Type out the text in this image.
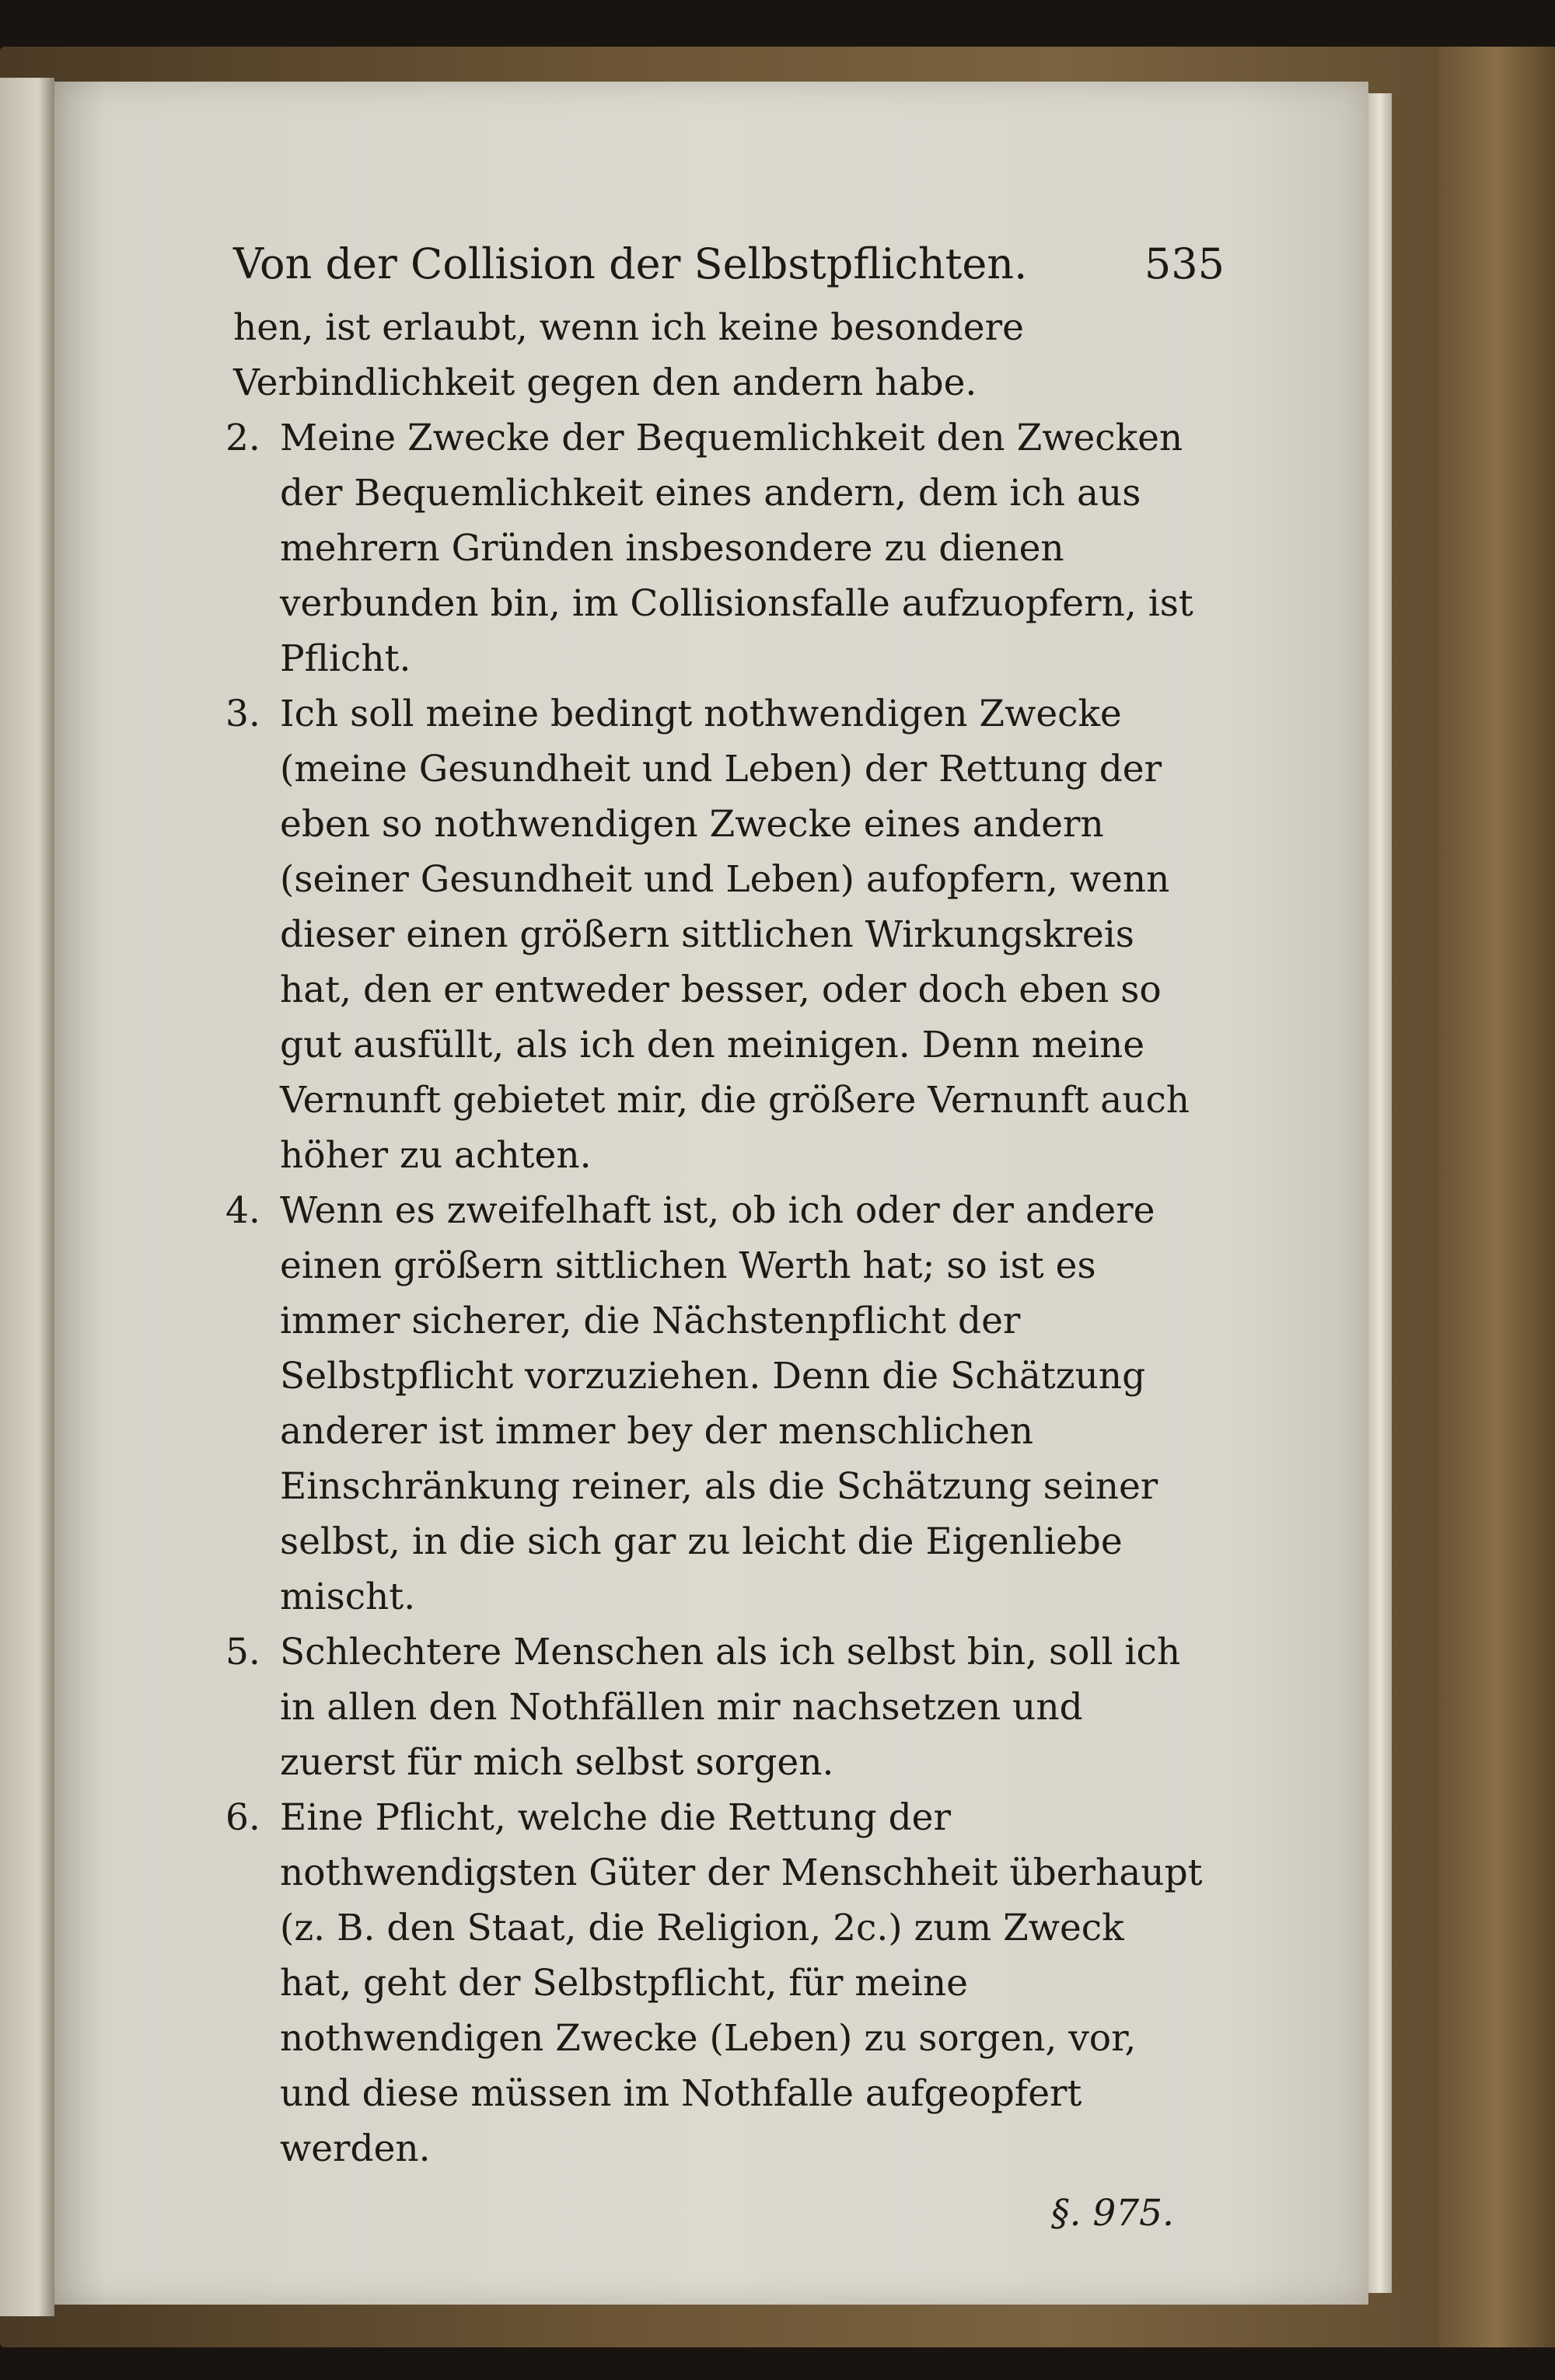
Von der Collision der Selbstpflichten.	535

hen, ist erlaubt, wenn ich keine besondere Verbindlichkeit gegen den andern habe.

2. Meine Zwecke der Bequemlichkeit den Zwecken der Bequemlichkeit eines andern, dem ich aus mehrern Gründen insbesondere zu dienen verbunden bin, im Collisionsfalle aufzuopfern, ist Pflicht.

3. Ich soll meine bedingt nothwendigen Zwecke (meine Gesundheit und Leben) der Rettung der eben so nothwendigen Zwecke eines andern (seiner Gesundheit und Leben) aufopfern, wenn dieser einen größern sittlichen Wirkungskreis hat, den er entweder besser, oder doch eben so gut ausfüllt, als ich den meinigen. Denn meine Vernunft gebietet mir, die größere Vernunft auch höher zu achten.

4. Wenn es zweifelhaft ist, ob ich oder der andere einen größern sittlichen Werth hat; so ist es immer sicherer, die Nächstenpflicht der Selbstpflicht vorzuziehen. Denn die Schätzung anderer ist immer bey der menschlichen Einschränkung reiner, als die Schätzung seiner selbst, in die sich gar zu leicht die Eigenliebe mischt.

5. Schlechtere Menschen als ich selbst bin, soll ich in allen den Nothfällen mir nachsetzen und zuerst für mich selbst sorgen.

6. Eine Pflicht, welche die Rettung der nothwendigsten Güter der Menschheit überhaupt (z. B. den Staat, die Religion, 2c.) zum Zweck hat, geht der Selbstpflicht, für meine nothwendigen Zwecke (Leben) zu sorgen, vor, und diese müssen im Nothfalle aufgeopfert werden.

§. 975.
